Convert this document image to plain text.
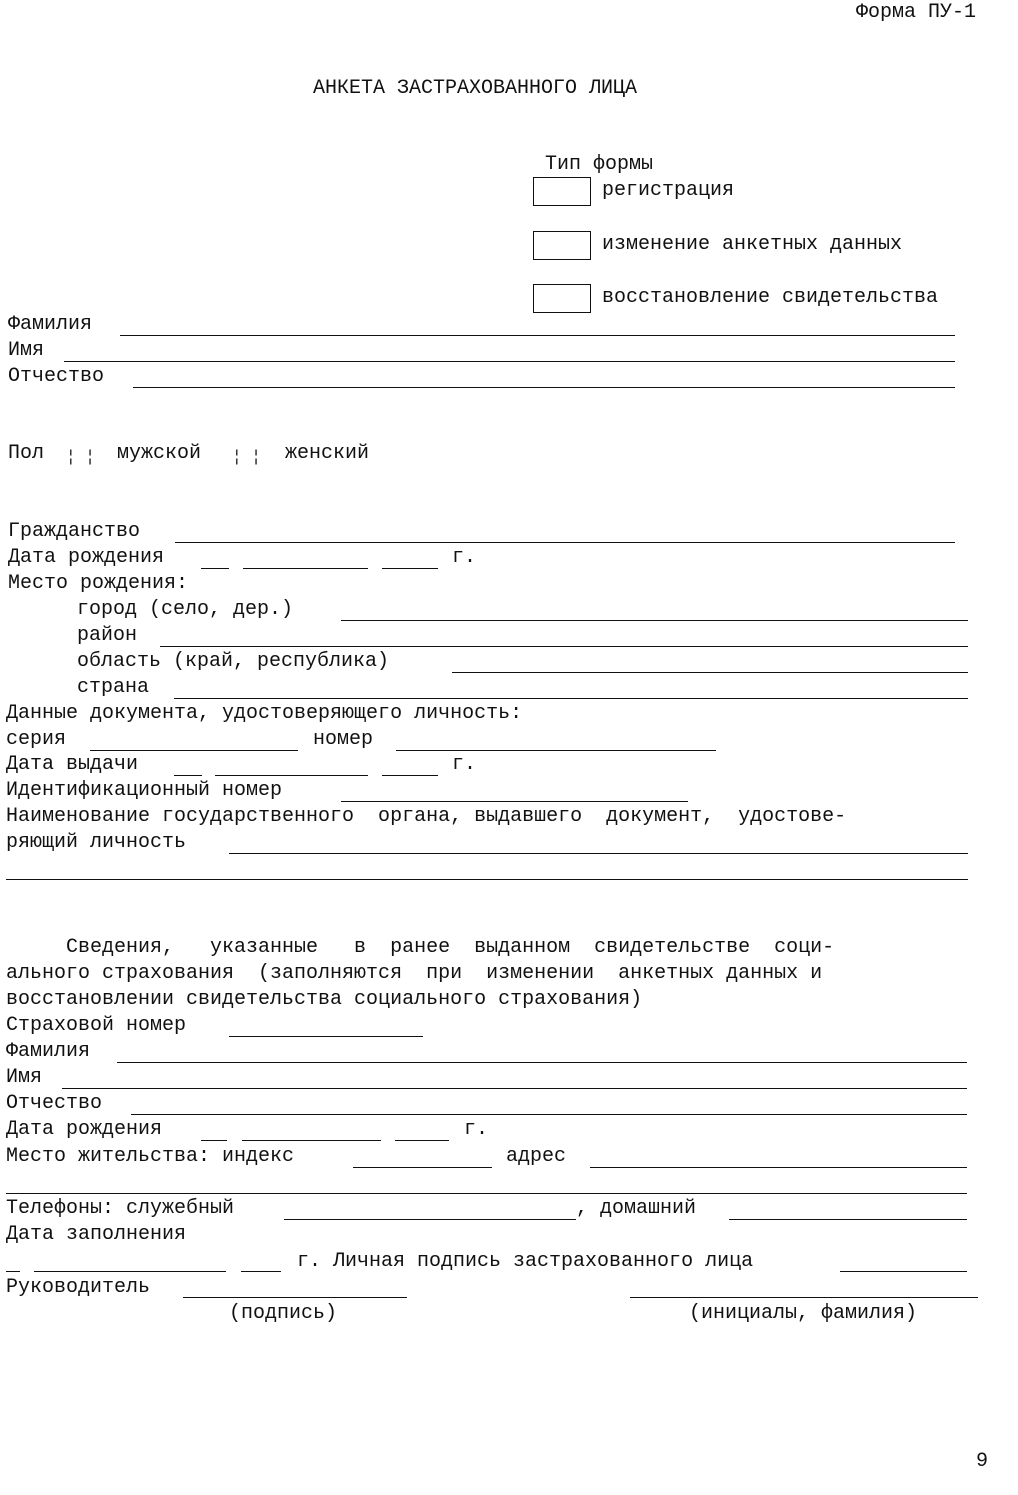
Форма ПУ-1
АНКЕТА ЗАСТРАХОВАННОГО ЛИЦА
Тип формы
регистрация
изменение анкетных данных
восстановление свидетельства
Фамилия
Имя
Отчество
Пол ¦ ¦ мужской ¦ ¦ женский
Гражданство
Дата рождения	г.
Место рождения:
город (село, дер.)
район
область (край, республика)
страна
Данные документа, удостоверяющего личность:
серия	номер
Дата выдачи	г.
Идентификационный номер
Наименование государственного  органа, выдавшего  документ,  удостове-
ряющий личность
Сведения,   указанные   в  ранее  выданном  свидетельстве  соци-
ального страхования  (заполняются  при  изменении  анкетных данных и
восстановлении свидетельства социального страхования)
Страховой номер
Фамилия
Имя
Отчество
Дата рождения	г.
Место жительства: индекс	адрес
Телефоны: служебный	, домашний
Дата заполнения
г. Личная подпись застрахованного лица
Руководитель
(подпись)	(инициалы, фамилия)
9
